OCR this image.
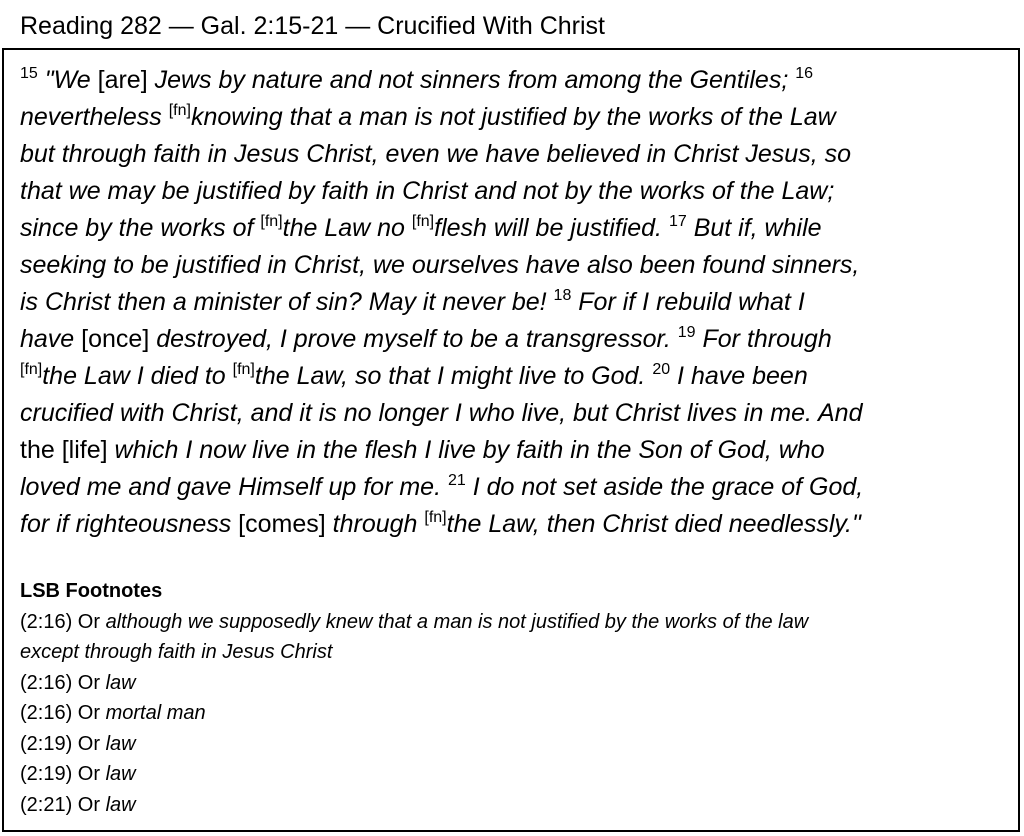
Reading 282 — Gal. 2:15-21 — Crucified With Christ
$^{15}$ "We [are] Jews by nature and not sinners from among the Gentiles; $^{16}$
nevertheless [fn]knowing that a man is not justified by the works of the Law
but through faith in Jesus Christ, even we have believed in Christ Jesus, so
that we may be justified by faith in Christ and not by the works of the Law;
since by the works of [fn]the Law no [fn]flesh will be justified. $^{17}$ But if, while
seeking to be justified in Christ, we ourselves have also been found sinners,
is Christ then a minister of sin? May it never be! $^{18}$ For if I rebuild what I
have [once] destroyed, I prove myself to be a transgressor. $^{19}$ For through
[fn]the Law I died to [fn]the Law, so that I might live to God. $^{20}$ I have been
crucified with Christ, and it is no longer I who live, but Christ lives in me. And
the [life] which I now live in the flesh I live by faith in the Son of God, who
loved me and gave Himself up for me. $^{21}$ I do not set aside the grace of God,
for if righteousness [comes] through [fn]the Law, then Christ died needlessly."
LSB Footnotes
(2:16) Or although we supposedly knew that a man is not justified by the works of the law
except through faith in Jesus Christ
(2:16) Or law
(2:16) Or mortal man
(2:19) Or law
(2:19) Or law
(2:21) Or law
